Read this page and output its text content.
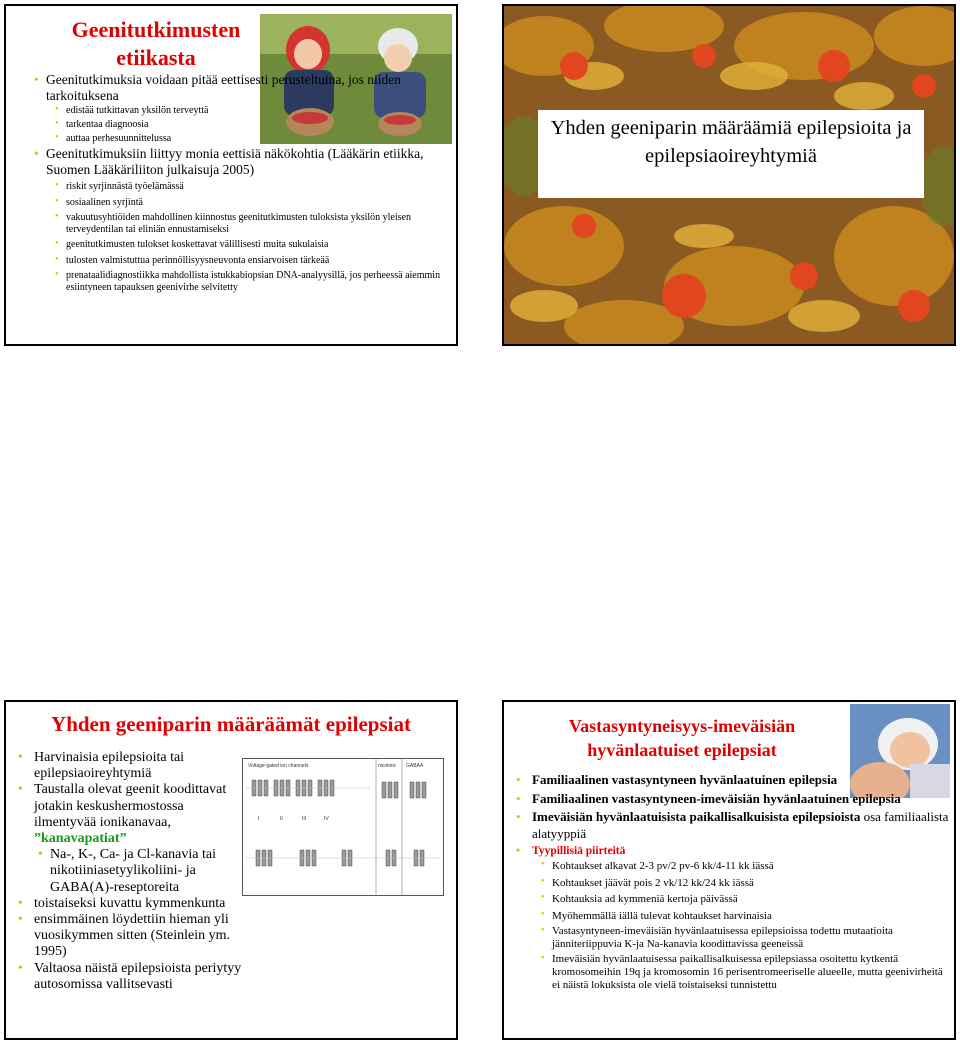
Geenitutkimusten etiikasta
• Geenitutkimuksia voidaan pitää eettisesti perusteltuina, jos niiden tarkoituksena
• edistää tutkittavan yksilön terveyttä
• tarkentaa diagnoosia
• auttaa perhesuunnittelussa
• Geenitutkimuksiin liittyy monia eettisiä näkökohtia (Lääkärin etiikka, Suomen Lääkäriliiton julkaisuja 2005)
• riskit syrjinnästä työelämässä
• sosiaalinen syrjintä
• vakuutusyhtiöiden mahdollinen kiinnostus geenitutkimusten tuloksista yksilön yleisen terveydentilan tai eliniän ennustamiseksi
• geenitutkimusten tulokset koskettavat välillisesti muita sukulaisia
• tulosten valmistuttua perinnöllisyysneuvonta ensiarvoisen tärkeää
• prenataalidiagnostiikka mahdollista istukkabiopsian DNA-analyysillä, jos perheessä aiemmin esiintyneen tapauksen geenivirhe selvitetty
Yhden geeniparin määräämiä epilepsioita ja epilepsiaoireyhtymiä
Yhden geeniparin määräämät epilepsiat
• Harvinaisia epilepsioita tai epilepsiaoireyhtymiä
• Taustalla olevat geenit koodittavat jotakin keskushermostossa ilmentyvää ionikanavaa, ”kanavapatiat”
• Na-, K-, Ca- ja Cl-kanavia tai nikotiiniasetyylikoliini- ja GABA(A)-reseptoreita
• toistaiseksi kuvattu kymmenkunta
• ensimmäinen löydettiin hieman yli vuosikymmen sitten (Steinlein ym. 1995)
• Valtaosa näistä epilepsioista periytyy autosomissa vallitsevasti
Voltage-gated ion channels	nicotinic GABAA
I	II	III	IV
Vastasyntyneisyys-imeväisiän hyvänlaatuiset epilepsiat
• Familiaalinen vastasyntyneen hyvänlaatuinen epilepsia
• Familiaalinen vastasyntyneen-imeväisiän hyvänlaatuinen epilepsia
• Imeväisiän hyvänlaatuisista paikallisalkuisista epilepsioista osa familiaalista alatyyppiä
• Tyypillisiä piirteitä
• Kohtaukset alkavat 2-3 pv/2 pv-6 kk/4-11 kk iässä
• Kohtaukset jäävät pois 2 vk/12 kk/24 kk iässä
• Kohtauksia ad kymmeniä kertoja päivässä
• Myöhemmällä iällä tulevat kohtaukset harvinaisia
• Vastasyntyneen-imeväisiän hyvänlaatuisessa epilepsioissa todettu mutaatioita jänniteriippuvia K-ja Na-kanavia koodittavissa geeneissä
• Imeväisiän hyvänlaatuisessa paikallisalkuisessa epilepsiassa osoitettu kytkentä kromosomeihin 19q ja kromosomin 16 perisentromeeriselle alueelle, mutta geenivirheitä ei näistä lokuksista ole vielä toistaiseksi tunnistettu
